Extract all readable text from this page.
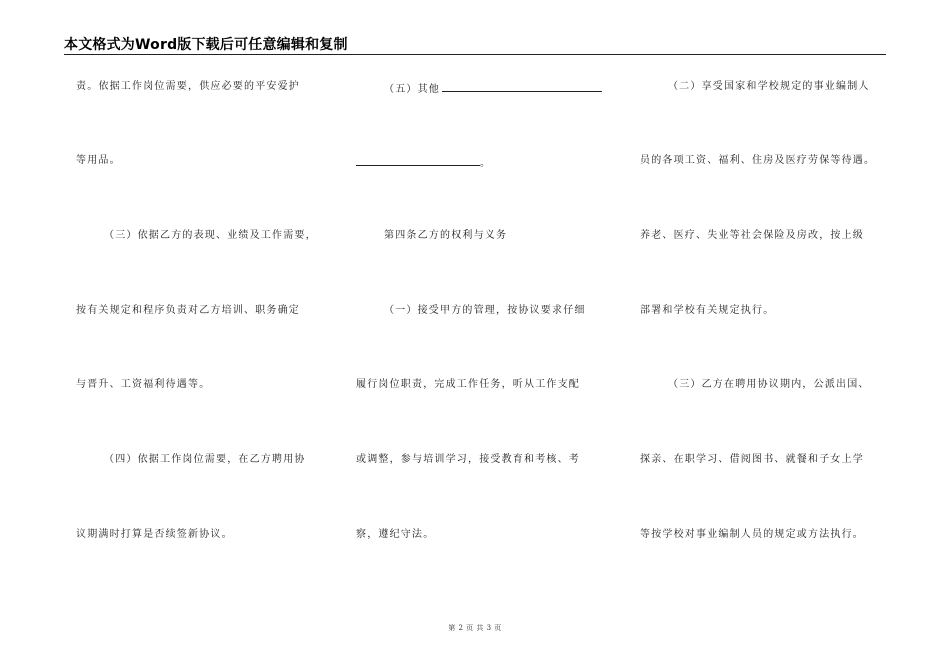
本文格式为Word版下载后可任意编辑和复制
责。依据工作岗位需要，供应必要的平安爱护
等用品。
（三）依据乙方的表现、业绩及工作需要，
按有关规定和程序负责对乙方培训、职务确定
与晋升、工资福利待遇等。
（四）依据工作岗位需要，在乙方聘用协
议期满时打算是否续签新协议。
（五）其他
。
第四条乙方的权利与义务
（一）接受甲方的管理，按协议要求仔细
履行岗位职责，完成工作任务，听从工作支配
或调整，参与培训学习，接受教育和考核、考
察，遵纪守法。
（二）享受国家和学校规定的事业编制人
员的各项工资、福利、住房及医疗劳保等待遇。
养老、医疗、失业等社会保险及房改，按上级
部署和学校有关规定执行。
（三）乙方在聘用协议期内，公派出国、
探亲、在职学习、借阅图书、就餐和子女上学
等按学校对事业编制人员的规定或方法执行。
第 2 页 共 3 页
